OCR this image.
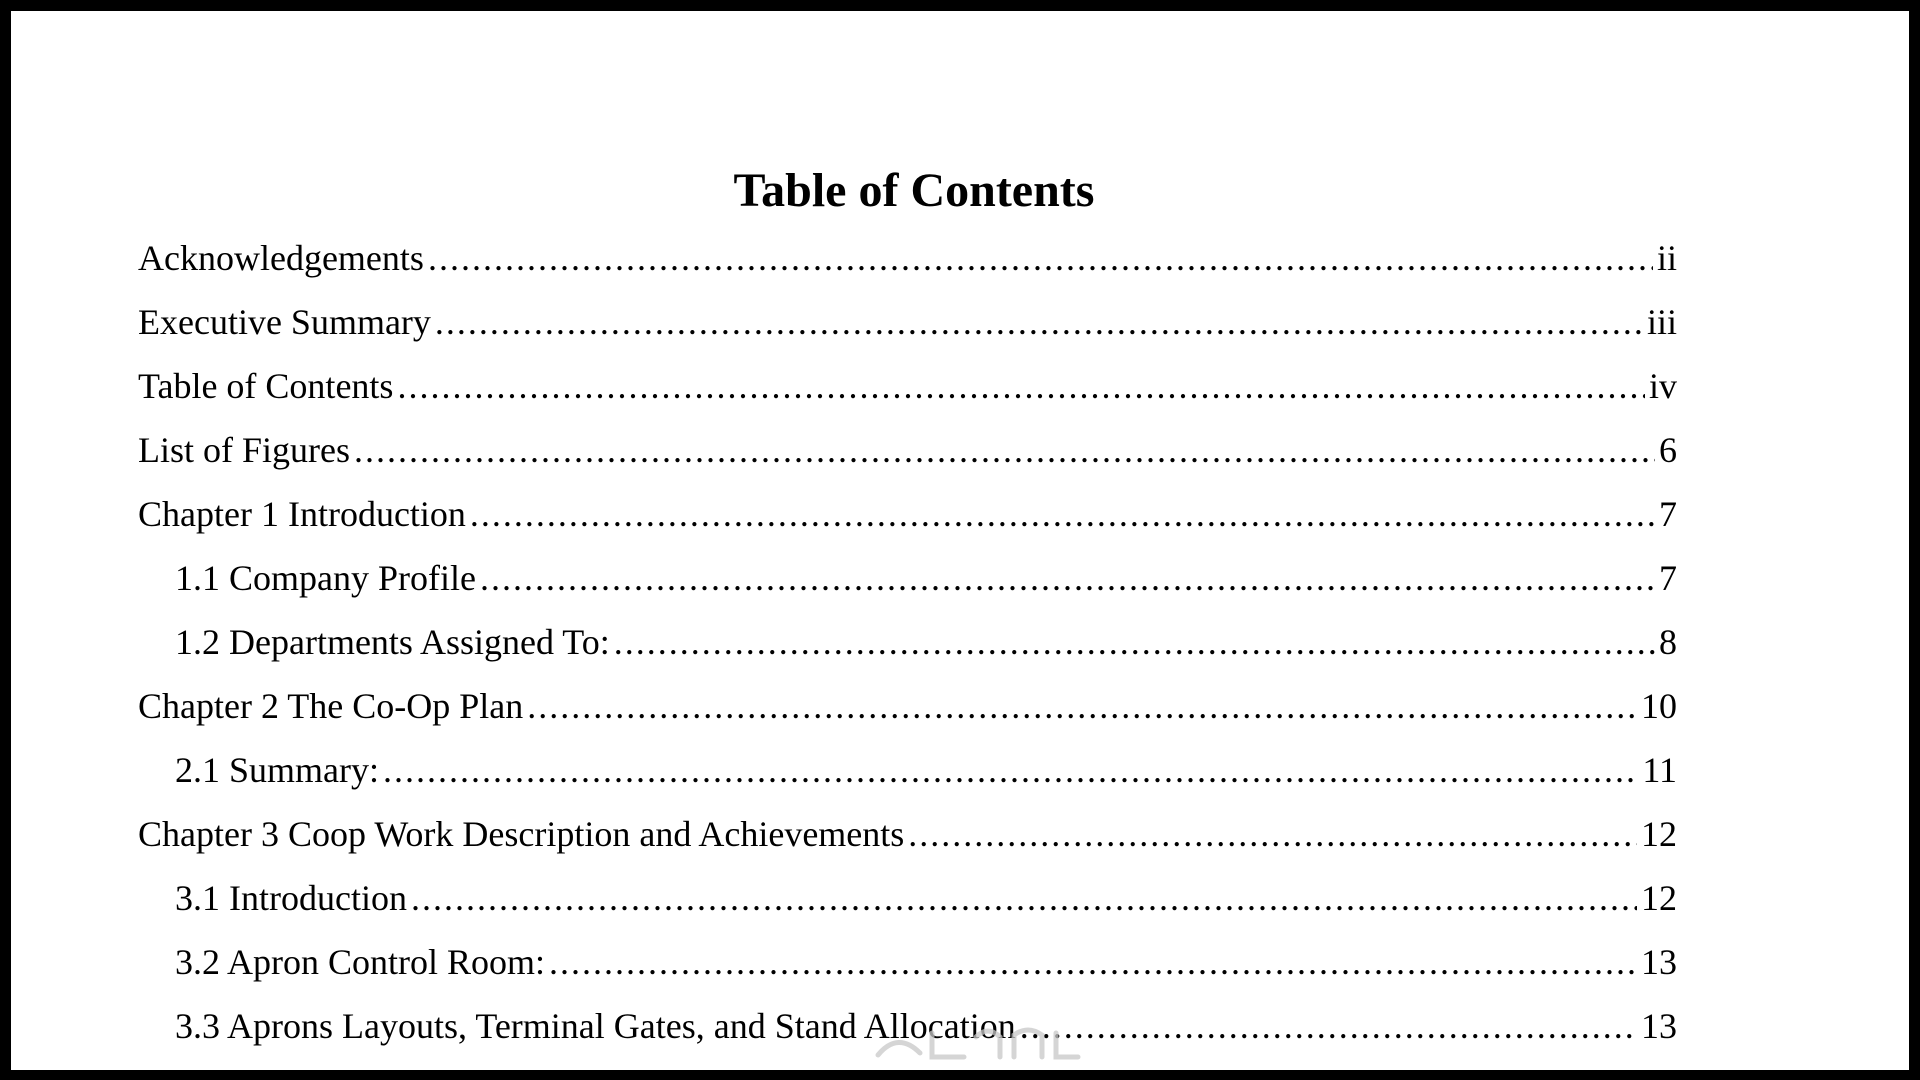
Table of Contents
Acknowledgements .....	ii
Executive Summary .....	iii
Table of Contents .....	iv
List of Figures .....	6
Chapter 1 Introduction .....	7
1.1 Company Profile .....	7
1.2 Departments Assigned To: .....	8
Chapter 2 The Co-Op Plan .....	10
2.1 Summary: .....	11
Chapter 3 Coop Work Description and Achievements .....	12
3.1 Introduction .....	12
3.2 Apron Control Room: .....	13
3.3 Aprons Layouts, Terminal Gates, and Stand Allocation .....	13
